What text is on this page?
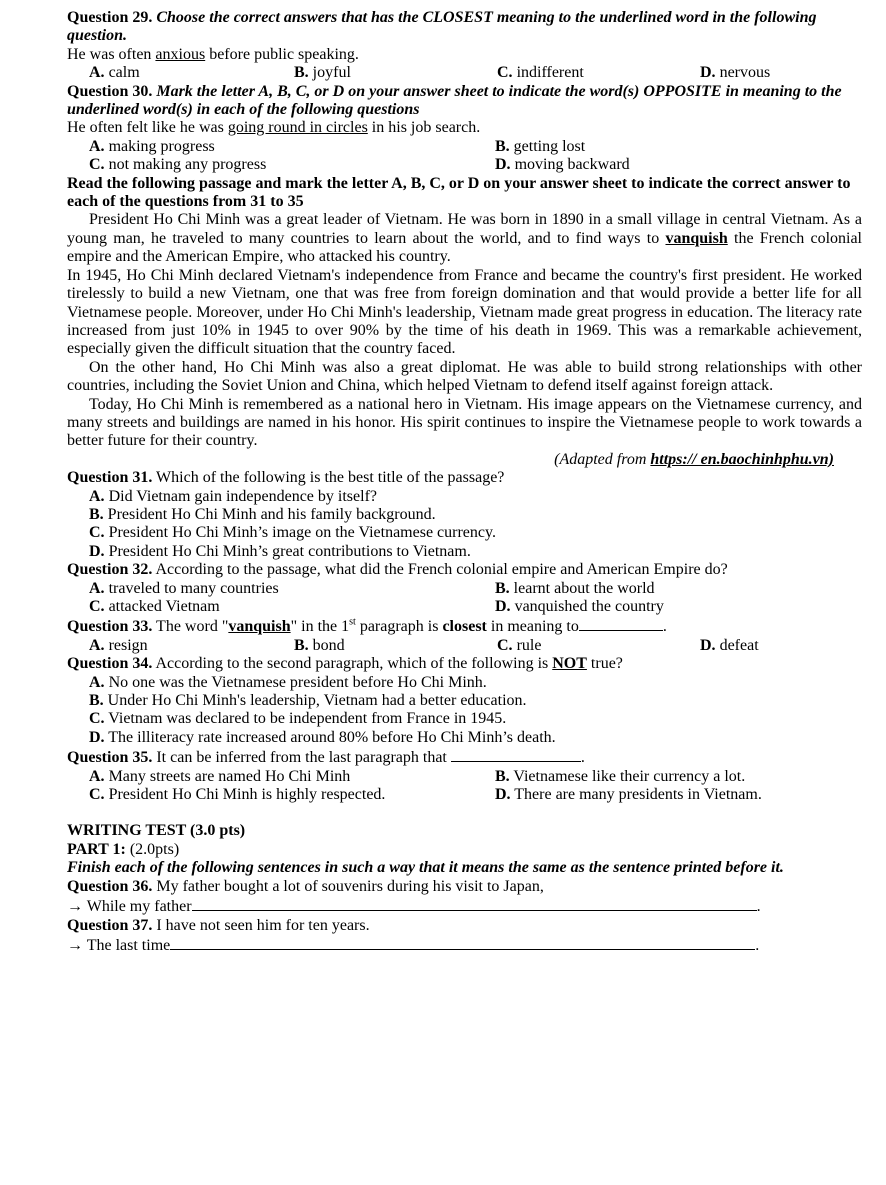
Question 29. Choose the correct answers that has the CLOSEST meaning to the underlined word in the following question.

He was often anxious before public speaking.

A. calm	B. joyful	C. indifferent	D. nervous

Question 30. Mark the letter A, B, C, or D on your answer sheet to indicate the word(s) OPPOSITE in meaning to the underlined word(s) in each of the following questions

He often felt like he was going round in circles in his job search.

A. making progress	B. getting lost
C. not making any progress	D. moving backward

Read the following passage and mark the letter A, B, C, or D on your answer sheet to indicate the correct answer to each of the questions from 31 to 35

President Ho Chi Minh was a great leader of Vietnam. He was born in 1890 in a small village in central Vietnam. As a young man, he traveled to many countries to learn about the world, and to find ways to vanquish the French colonial empire and the American Empire, who attacked his country.

In 1945, Ho Chi Minh declared Vietnam's independence from France and became the country's first president. He worked tirelessly to build a new Vietnam, one that was free from foreign domination and that would provide a better life for all Vietnamese people. Moreover, under Ho Chi Minh's leadership, Vietnam made great progress in education. The literacy rate increased from just 10% in 1945 to over 90% by the time of his death in 1969. This was a remarkable achievement, especially given the difficult situation that the country faced.

On the other hand, Ho Chi Minh was also a great diplomat. He was able to build strong relationships with other countries, including the Soviet Union and China, which helped Vietnam to defend itself against foreign attack.

Today, Ho Chi Minh is remembered as a national hero in Vietnam. His image appears on the Vietnamese currency, and many streets and buildings are named in his honor. His spirit continues to inspire the Vietnamese people to work towards a better future for their country.

(Adapted from https:// en.baochinhphu.vn)

Question 31. Which of the following is the best title of the passage?

A. Did Vietnam gain independence by itself?

B. President Ho Chi Minh and his family background.

C. President Ho Chi Minh’s image on the Vietnamese currency.

D. President Ho Chi Minh’s great contributions to Vietnam.

Question 32. According to the passage, what did the French colonial empire and American Empire do?

A. traveled to many countries	B. learnt about the world
C. attacked Vietnam	D. vanquished the country

Question 33. The word "vanquish" in the 1st paragraph is closest in meaning to	.

A. resign	B. bond	C. rule	D. defeat

Question 34. According to the second paragraph, which of the following is NOT true?

A. No one was the Vietnamese president before Ho Chi Minh.

B. Under Ho Chi Minh's leadership, Vietnam had a better education.

C. Vietnam was declared to be independent from France in 1945.

D. The illiteracy rate increased around 80% before Ho Chi Minh’s death.

Question 35. It can be inferred from the last paragraph that	.

A. Many streets are named Ho Chi Minh	B. Vietnamese like their currency a lot.
C. President Ho Chi Minh is highly respected.	D. There are many presidents in Vietnam.

WRITING TEST (3.0 pts)

PART 1: (2.0pts)

Finish each of the following sentences in such a way that it means the same as the sentence printed before it.

Question 36. My father bought a lot of souvenirs during his visit to Japan,

→ While my father	.

Question 37. I have not seen him for ten years.

→ The last time	.
